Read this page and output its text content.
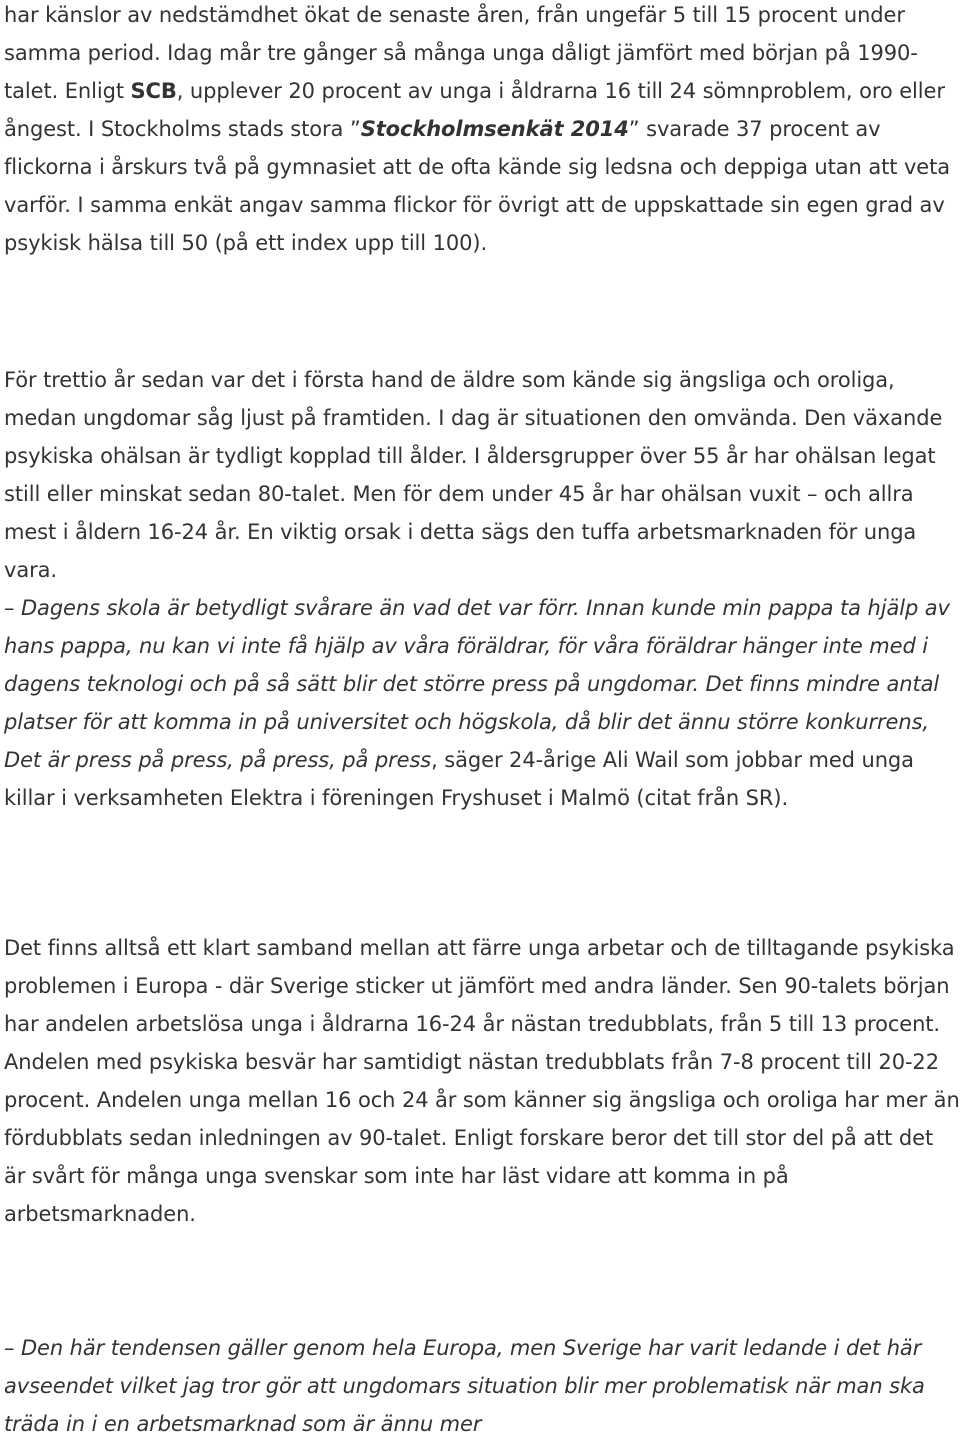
har känslor av nedstämdhet ökat de senaste åren, från ungefär 5 till 15 procent under samma period. Idag mår tre gånger så många unga dåligt jämfört med början på 1990-talet. Enligt SCB, upplever 20 procent av unga i åldrarna 16 till 24 sömnproblem, oro eller ångest. I Stockholms stads stora ”Stockholmsenkät 2014” svarade 37 procent av flickorna i årskurs två på gymnasiet att de ofta kände sig ledsna och deppiga utan att veta varför. I samma enkät angav samma flickor för övrigt att de uppskattade sin egen grad av psykisk hälsa till 50 (på ett index upp till 100).

För trettio år sedan var det i första hand de äldre som kände sig ängsliga och oroliga, medan ungdomar såg ljust på framtiden. I dag är situationen den omvända. Den växande psykiska ohälsan är tydligt kopplad till ålder. I åldersgrupper över 55 år har ohälsan legat still eller minskat sedan 80-talet. Men för dem under 45 år har ohälsan vuxit – och allra mest i åldern 16-24 år. En viktig orsak i detta sägs den tuffa arbetsmarknaden för unga vara.
– Dagens skola är betydligt svårare än vad det var förr. Innan kunde min pappa ta hjälp av hans pappa, nu kan vi inte få hjälp av våra föräldrar, för våra föräldrar hänger inte med i dagens teknologi och på så sätt blir det större press på ungdomar. Det finns mindre antal platser för att komma in på universitet och högskola, då blir det ännu större konkurrens, Det är press på press, på press, på press, säger 24-årige Ali Wail som jobbar med unga killar i verksamheten Elektra i föreningen Fryshuset i Malmö (citat från SR).

Det finns alltså ett klart samband mellan att färre unga arbetar och de tilltagande psykiska problemen i Europa - där Sverige sticker ut jämfört med andra länder. Sen 90-talets början har andelen arbetslösa unga i åldrarna 16-24 år nästan tredubblats, från 5 till 13 procent. Andelen med psykiska besvär har samtidigt nästan tredubblats från 7-8 procent till 20-22 procent. Andelen unga mellan 16 och 24 år som känner sig ängsliga och oroliga har mer än fördubblats sedan inledningen av 90-talet. Enligt forskare beror det till stor del på att det är svårt för många unga svenskar som inte har läst vidare att komma in på arbetsmarknaden.

– Den här tendensen gäller genom hela Europa, men Sverige har varit ledande i det här avseendet vilket jag tror gör att ungdomars situation blir mer problematisk när man ska träda in i en arbetsmarknad som är ännu mer
